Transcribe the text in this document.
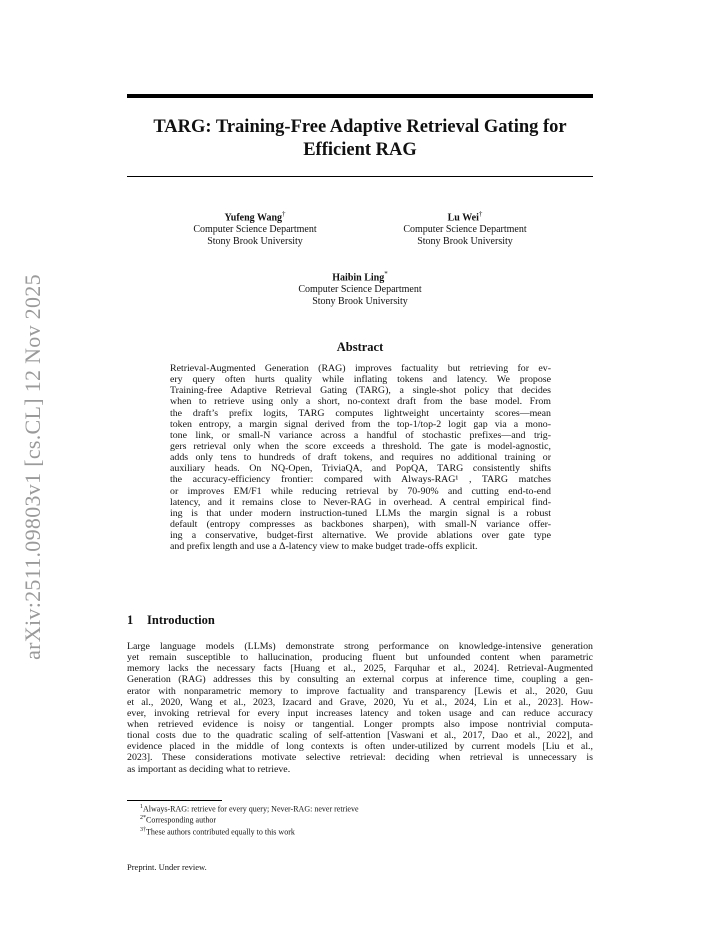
arXiv:2511.09803v1 [cs.CL] 12 Nov 2025
TARG: Training-Free Adaptive Retrieval Gating for
Efficient RAG
Yufeng Wang†
Computer Science Department
Stony Brook University
Lu Wei†
Computer Science Department
Stony Brook University
Haibin Ling*
Computer Science Department
Stony Brook University
Abstract
Retrieval-Augmented Generation (RAG) improves factuality but retrieving for ev-
ery query often hurts quality while inflating tokens and latency. We propose
Training-free Adaptive Retrieval Gating (TARG), a single-shot policy that decides
when to retrieve using only a short, no-context draft from the base model. From
the draft’s prefix logits, TARG computes lightweight uncertainty scores—mean
token entropy, a margin signal derived from the top-1/top-2 logit gap via a mono-
tone link, or small-N variance across a handful of stochastic prefixes—and trig-
gers retrieval only when the score exceeds a threshold. The gate is model-agnostic,
adds only tens to hundreds of draft tokens, and requires no additional training or
auxiliary heads. On NQ-Open, TriviaQA, and PopQA, TARG consistently shifts
the accuracy-efficiency frontier: compared with Always-RAG¹ , TARG matches
or improves EM/F1 while reducing retrieval by 70-90% and cutting end-to-end
latency, and it remains close to Never-RAG in overhead. A central empirical find-
ing is that under modern instruction-tuned LLMs the margin signal is a robust
default (entropy compresses as backbones sharpen), with small-N variance offer-
ing a conservative, budget-first alternative. We provide ablations over gate type
and prefix length and use a Δ-latency view to make budget trade-offs explicit.
1 Introduction
Large language models (LLMs) demonstrate strong performance on knowledge-intensive generation
yet remain susceptible to hallucination, producing fluent but unfounded content when parametric
memory lacks the necessary facts [Huang et al., 2025, Farquhar et al., 2024]. Retrieval-Augmented
Generation (RAG) addresses this by consulting an external corpus at inference time, coupling a gen-
erator with nonparametric memory to improve factuality and transparency [Lewis et al., 2020, Guu
et al., 2020, Wang et al., 2023, Izacard and Grave, 2020, Yu et al., 2024, Lin et al., 2023]. How-
ever, invoking retrieval for every input increases latency and token usage and can reduce accuracy
when retrieved evidence is noisy or tangential. Longer prompts also impose nontrivial computa-
tional costs due to the quadratic scaling of self-attention [Vaswani et al., 2017, Dao et al., 2022], and
evidence placed in the middle of long contexts is often under-utilized by current models [Liu et al.,
2023]. These considerations motivate selective retrieval: deciding when retrieval is unnecessary is
as important as deciding what to retrieve.
$^1$Always-RAG: retrieve for every query; Never-RAG: never retrieve
$^{2*}$Corresponding author
$^{3\dagger}$These authors contributed equally to this work
Preprint. Under review.
